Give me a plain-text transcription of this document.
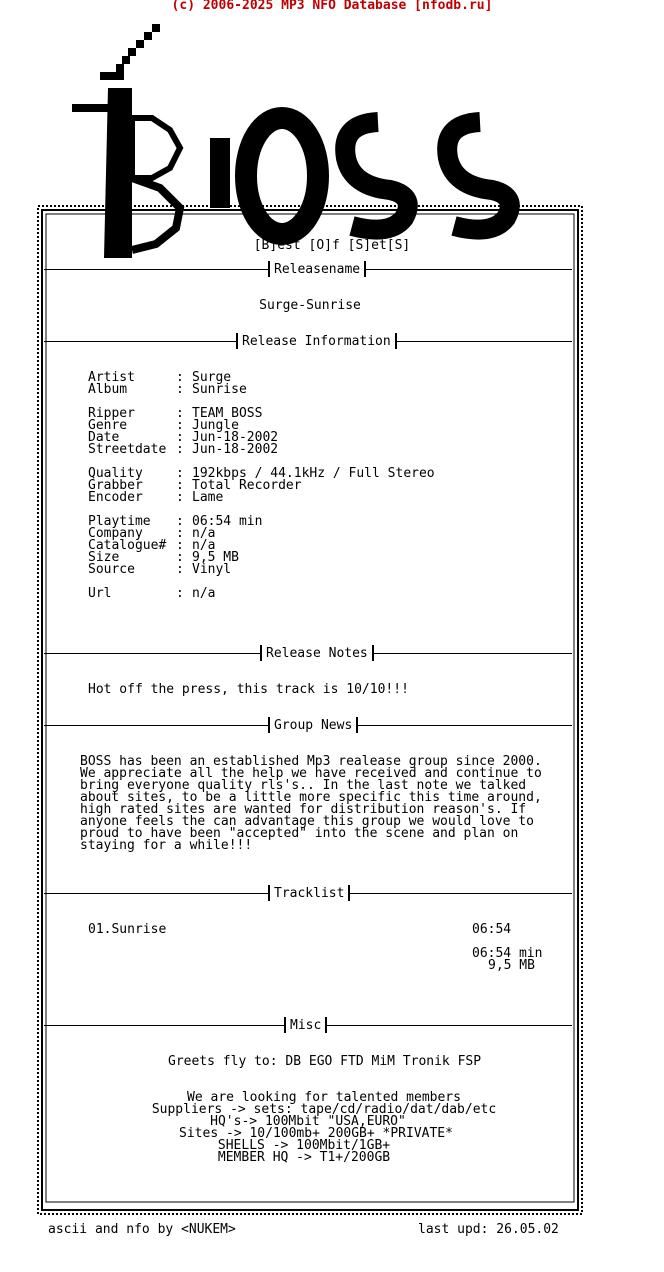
(c) 2006-2025 MP3 NFO Database [nfodb.ru]
[B]est [O]f [S]et[S]
Releasename
Surge-Sunrise
Release Information
Artist	: Surge
Album	: Sunrise
Ripper	: TEAM BOSS
Genre	: Jungle
Date	: Jun-18-2002
Streetdate : Jun-18-2002
Quality	: 192kbps / 44.1kHz / Full Stereo
Grabber	: Total Recorder
Encoder	: Lame
Playtime : 06:54 min
Company	: n/a
Catalogue# : n/a
Size	: 9,5 MB
Source	: Vinyl
Url	: n/a
Release Notes
Hot off the press, this track is 10/10!!!
Group News
BOSS has been an established Mp3 realease group since 2000.
We appreciate all the help we have received and continue to
bring everyone quality rls's.. In the last note we talked
about sites, to be a little more specific this time around,
high rated sites are wanted for distribution reason's. If
anyone feels the can advantage this group we would love to
proud to have been "accepted" into the scene and plan on
staying for a while!!!
Tracklist
01.Sunrise	06:54
06:54 min
9,5 MB
Misc
Greets fly to: DB EGO FTD MiM Tronik FSP
We are looking for talented members
Suppliers -> sets: tape/cd/radio/dat/dab/etc
HQ's-> 100Mbit "USA,EURO"
Sites -> 10/100mb+ 200GB+ *PRIVATE*
SHELLS -> 100Mbit/1GB+
MEMBER HQ -> T1+/200GB
ascii and nfo by <NUKEM>	last upd: 26.05.02
